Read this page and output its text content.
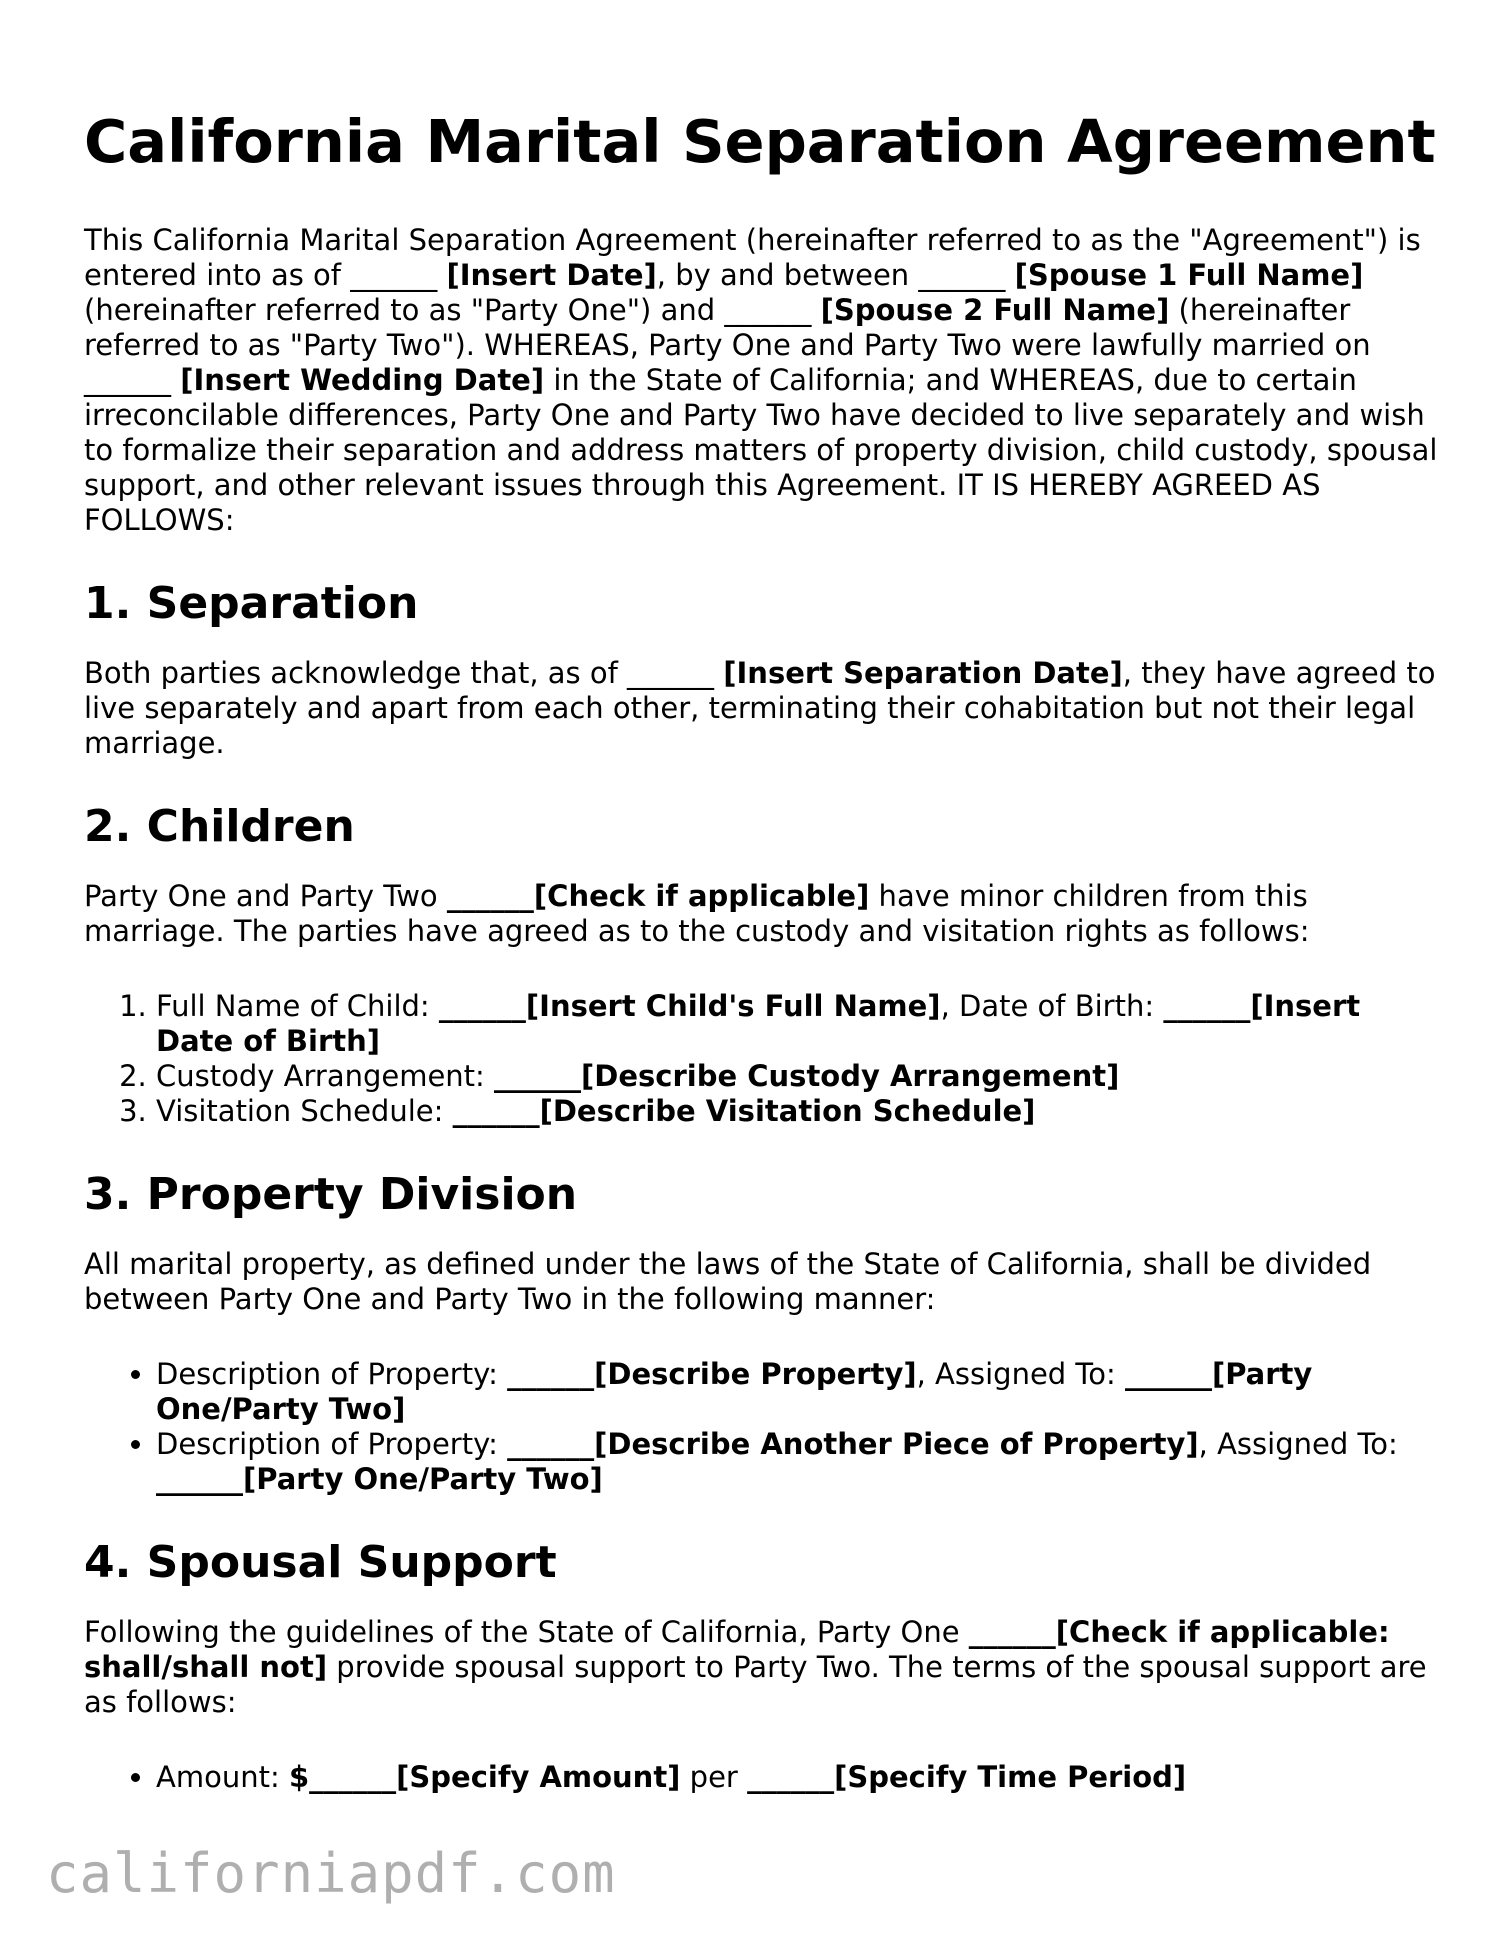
California Marital Separation Agreement

This California Marital Separation Agreement (hereinafter referred to as the "Agreement") is entered into as of ______ [Insert Date], by and between ______ [Spouse 1 Full Name] (hereinafter referred to as "Party One") and ______ [Spouse 2 Full Name] (hereinafter referred to as "Party Two"). WHEREAS, Party One and Party Two were lawfully married on ______ [Insert Wedding Date] in the State of California; and WHEREAS, due to certain irreconcilable differences, Party One and Party Two have decided to live separately and wish to formalize their separation and address matters of property division, child custody, spousal support, and other relevant issues through this Agreement. IT IS HEREBY AGREED AS FOLLOWS:

1. Separation

Both parties acknowledge that, as of ______ [Insert Separation Date], they have agreed to live separately and apart from each other, terminating their cohabitation but not their legal marriage.

2. Children

Party One and Party Two ______[Check if applicable] have minor children from this marriage. The parties have agreed as to the custody and visitation rights as follows:

1. Full Name of Child: ______[Insert Child's Full Name], Date of Birth: ______[Insert Date of Birth]
2. Custody Arrangement: ______[Describe Custody Arrangement]
3. Visitation Schedule: ______[Describe Visitation Schedule]
3. Property Division

All marital property, as defined under the laws of the State of California, shall be divided between Party One and Party Two in the following manner:

• Description of Property: ______[Describe Property], Assigned To: ______[Party One/Party Two]
• Description of Property: ______[Describe Another Piece of Property], Assigned To: ______[Party One/Party Two]
4. Spousal Support

Following the guidelines of the State of California, Party One ______[Check if applicable: shall/shall not] provide spousal support to Party Two. The terms of the spousal support are as follows:

• Amount: $______[Specify Amount] per ______[Specify Time Period]
californiapdf.com
